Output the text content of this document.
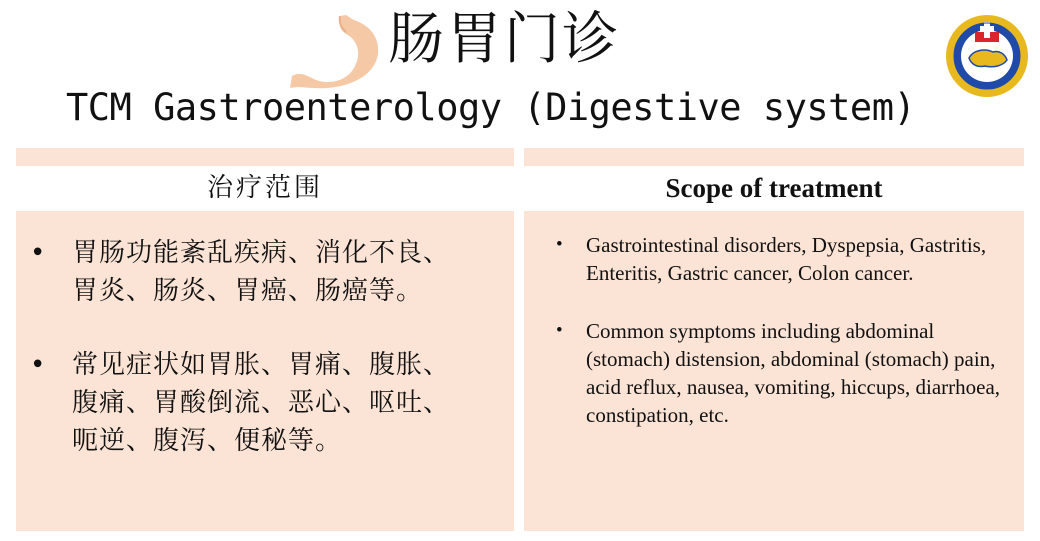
肠胃门诊
TCM Gastroenterology (Digestive system)
治疗范围	Scope of treatment
• 胃肠功能紊乱疾病、消化不良、胃炎、肠炎、胃癌、肠癌等。
• 常见症状如胃胀、胃痛、腹胀、腹痛、胃酸倒流、恶心、呕吐、呃逆、腹泻、便秘等。
• Gastrointestinal disorders, Dyspepsia, Gastritis, Enteritis, Gastric cancer, Colon cancer.
• Common symptoms including abdominal (stomach) distension, abdominal (stomach) pain, acid reflux, nausea, vomiting, hiccups, diarrhoea, constipation, etc.
